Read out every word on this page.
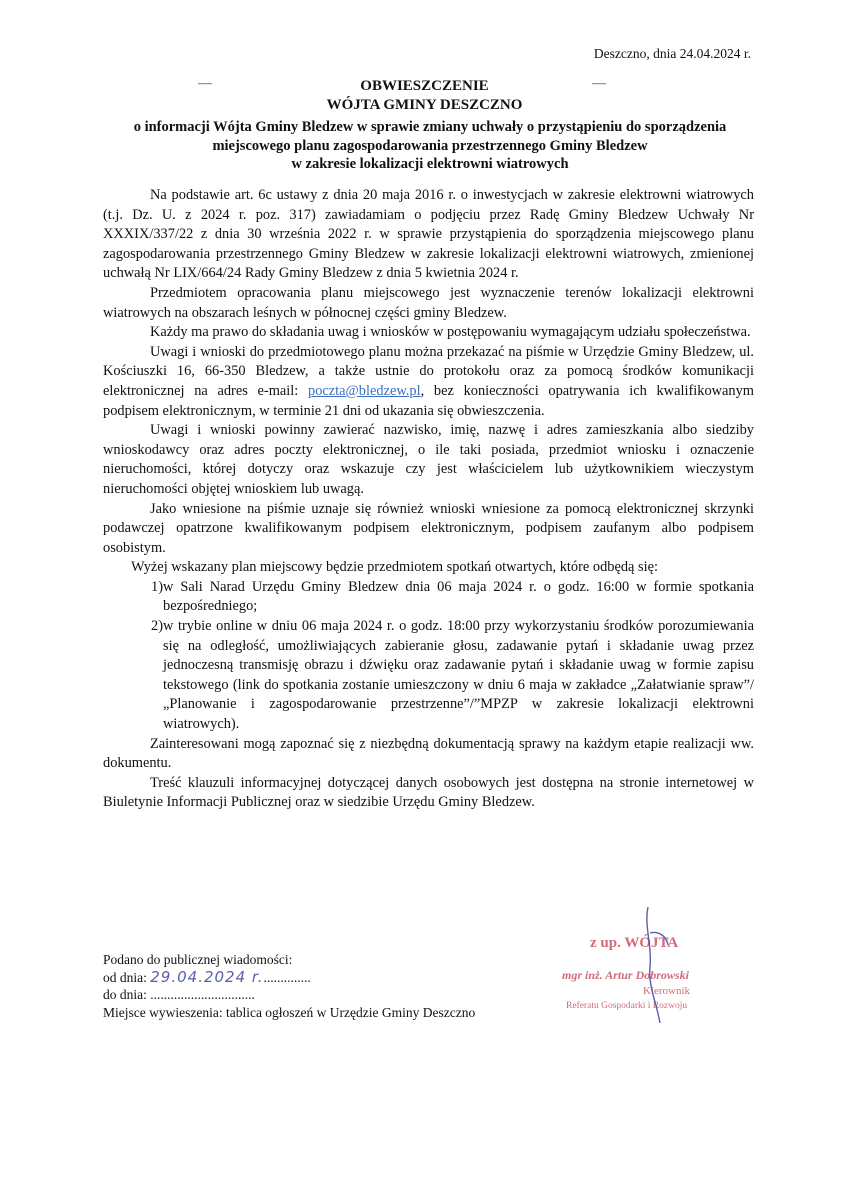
Deszczno, dnia 24.04.2024 r.
—	—
OBWIESZCZENIE
WÓJTA GMINY DESZCZNO
o informacji Wójta Gminy Bledzew w sprawie zmiany uchwały o przystąpieniu do sporządzenia
miejscowego planu zagospodarowania przestrzennego Gminy Bledzew
w zakresie lokalizacji elektrowni wiatrowych

Na podstawie art. 6c ustawy z dnia 20 maja 2016 r. o inwestycjach w zakresie elektrowni wiatrowych (t.j. Dz. U. z 2024 r. poz. 317) zawiadamiam o podjęciu przez Radę Gminy Bledzew Uchwały Nr XXXIX/337/22 z dnia 30 września 2022 r. w sprawie przystąpienia do sporządzenia miejscowego planu zagospodarowania przestrzennego Gminy Bledzew w zakresie lokalizacji elektrowni wiatrowych, zmienionej uchwałą Nr LIX/664/24 Rady Gminy Bledzew z dnia 5 kwietnia 2024 r.

Przedmiotem opracowania planu miejscowego jest wyznaczenie terenów lokalizacji elektrowni wiatrowych na obszarach leśnych w północnej części gminy Bledzew.

Każdy ma prawo do składania uwag i wniosków w postępowaniu wymagającym udziału społeczeństwa.

Uwagi i wnioski do przedmiotowego planu można przekazać na piśmie w Urzędzie Gminy Bledzew, ul. Kościuszki 16, 66-350 Bledzew, a także ustnie do protokołu oraz za pomocą środków komunikacji elektronicznej na adres e-mail: poczta@bledzew.pl, bez konieczności opatrywania ich kwalifikowanym podpisem elektronicznym, w terminie 21 dni od ukazania się obwieszczenia.

Uwagi i wnioski powinny zawierać nazwisko, imię, nazwę i adres zamieszkania albo siedziby wnioskodawcy oraz adres poczty elektronicznej, o ile taki posiada, przedmiot wniosku i oznaczenie nieruchomości, której dotyczy oraz wskazuje czy jest właścicielem lub użytkownikiem wieczystym nieruchomości objętej wnioskiem lub uwagą.

Jako wniesione na piśmie uznaje się również wnioski wniesione za pomocą elektronicznej skrzynki podawczej opatrzone kwalifikowanym podpisem elektronicznym, podpisem zaufanym albo podpisem osobistym.

Wyżej wskazany plan miejscowy będzie przedmiotem spotkań otwartych, które odbędą się:

1) w Sali Narad Urzędu Gminy Bledzew dnia 06 maja 2024 r. o godz. 16:00 w formie spotkania bezpośredniego;
2) w trybie online w dniu 06 maja 2024 r. o godz. 18:00 przy wykorzystaniu środków porozumiewania się na odległość, umożliwiających zabieranie głosu, zadawanie pytań i składanie uwag przez jednoczesną transmisję obrazu i dźwięku oraz zadawanie pytań i składanie uwag w formie zapisu tekstowego (link do spotkania zostanie umieszczony w dniu 6 maja w zakładce „Załatwianie spraw”/„Planowanie i zagospodarowanie przestrzenne”/”MPZP w zakresie lokalizacji elektrowni wiatrowych).

Zainteresowani mogą zapoznać się z niezbędną dokumentacją sprawy na każdym etapie realizacji ww. dokumentu.

Treść klauzuli informacyjnej dotyczącej danych osobowych jest dostępna na stronie internetowej w Biuletynie Informacji Publicznej oraz w siedzibie Urzędu Gminy Bledzew.

Podano do publicznej wiadomości:
od dnia: 29.04.2024 r...............
do dnia: ...............................
Miejsce wywieszenia: tablica ogłoszeń w Urzędzie Gminy Deszczno
z up. WÓJTA
mgr inż. Artur Dobrowski
Kierownik
Referatu Gospodarki i Rozwoju
